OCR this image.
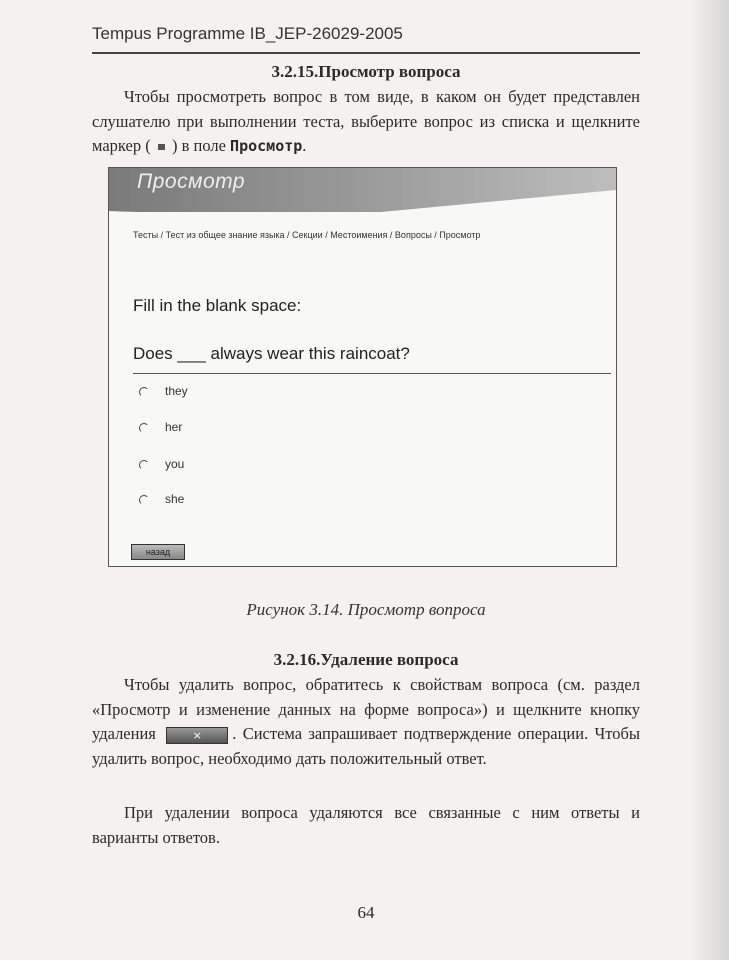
Tempus Programme IB_JEP-26029-2005
3.2.15.Просмотр вопроса
Чтобы просмотреть вопрос в том виде, в каком он будет представлен слушателю при выполнении теста, выберите вопрос из списка и щелкните маркер ( ) в поле Просмотр.
Просмотр
Тесты / Тест из общее знание языка / Секции / Местоимения / Вопросы / Просмотр
Fill in the blank space:
Does ___ always wear this raincoat?
they
her
you
she
назад
Рисунок 3.14. Просмотр вопроса
3.2.16.Удаление вопроса
Чтобы удалить вопрос, обратитесь к свойствам вопроса (см. раздел «Просмотр и изменение данных на форме вопроса») и щелкните кнопку удаления	× . Система запрашивает подтверждение операции. Чтобы удалить вопрос, необходимо дать положительный ответ.
При удалении вопроса удаляются все связанные с ним ответы и варианты ответов.
64
